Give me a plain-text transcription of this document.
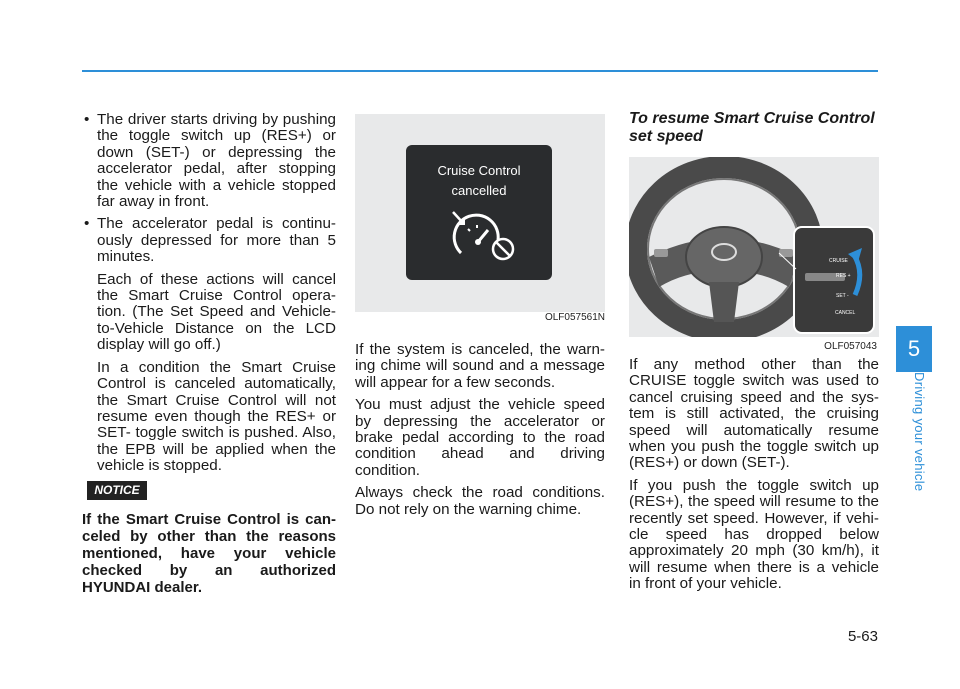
• The driver starts driving by pushing the toggle switch up (RES+) or down (SET-) or depressing the accelerator pedal, after stopping the vehicle with a vehicle stopped far away in front.

• The accelerator pedal is continu-ously depressed for more than 5 minutes.

Each of these actions will cancel the Smart Cruise Control opera-tion. (The Set Speed and Vehicle-to-Vehicle Distance on the LCD display will go off.)

In a condition the Smart Cruise Control is canceled automatically, the Smart Cruise Control will not resume even though the RES+ or SET- toggle switch is pushed. Also, the EPB will be applied when the vehicle is stopped.

NOTICE
If the Smart Cruise Control is can-celed by other than the reasons mentioned, have your vehicle checked by an authorized HYUNDAI dealer.
Cruise Control
cancelled
OLF057561N

If the system is canceled, the warn-ing chime will sound and a message will appear for a few seconds.

You must adjust the vehicle speed by depressing the accelerator or brake pedal according to the road condition ahead and driving condition.

Always check the road conditions. Do not rely on the warning chime.

To resume Smart Cruise Control set speed
CRUISE
RES +
SET -
CANCEL
OLF057043

If any method other than the CRUISE toggle switch was used to cancel cruising speed and the sys-tem is still activated, the cruising speed will automatically resume when you push the toggle switch up (RES+) or down (SET-).

If you push the toggle switch up (RES+), the speed will resume to the recently set speed. However, if vehi-cle speed has dropped below approximately 20 mph (30 km/h), it will resume when there is a vehicle in front of your vehicle.

5
Driving your vehicle
5-63
